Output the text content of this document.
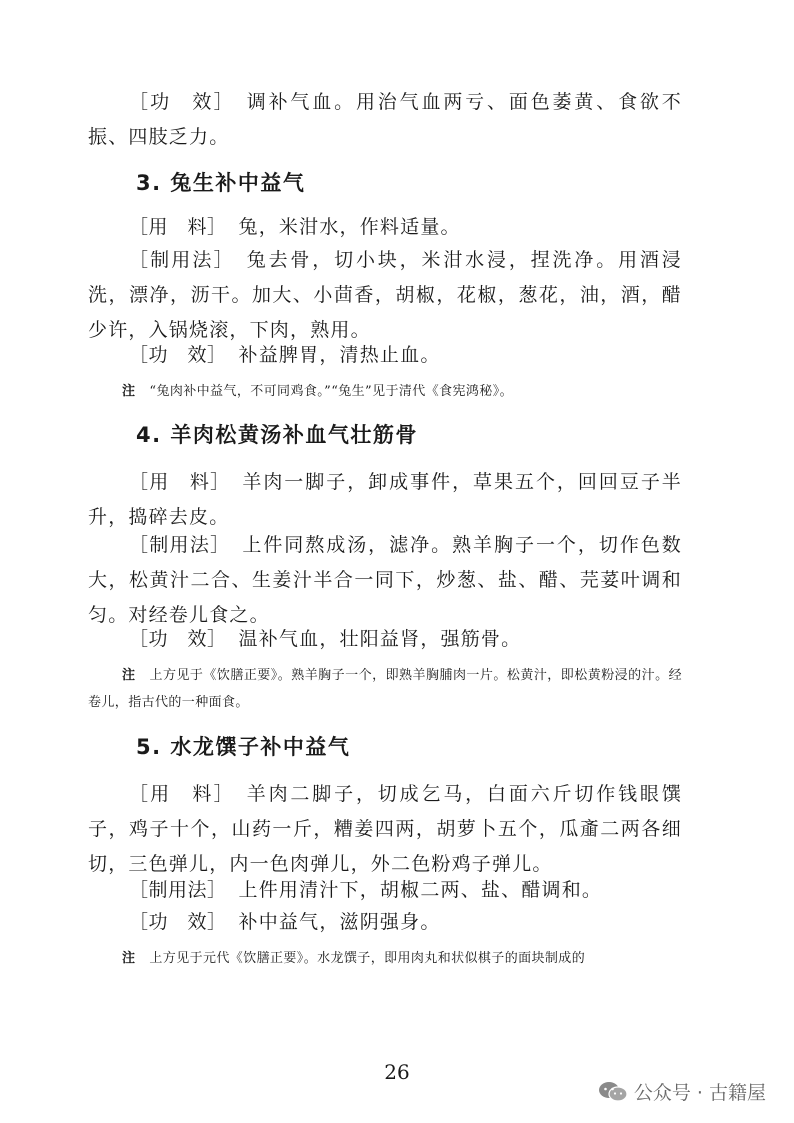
［功　效］ 调补气血。用治气血两亏、面色萎黄、食欲不振、四肢乏力。
3. 兔生补中益气
［用　料］ 兔，米泔水，作料适量。
［制用法］ 兔去骨，切小块，米泔水浸，捏洗净。用酒浸洗，漂净，沥干。加大、小茴香，胡椒，花椒，葱花，油，酒，醋少许，入锅烧滚，下肉，熟用。
［功　效］ 补益脾胃，清热止血。
注 “兔肉补中益气，不可同鸡食。”“兔生”见于清代《食宪鸿秘》。
4. 羊肉松黄汤补血气壮筋骨
［用　料］ 羊肉一脚子，卸成事件，草果五个，回回豆子半升，捣碎去皮。
［制用法］ 上件同熬成汤，滤净。熟羊胸子一个，切作色数大，松黄汁二合、生姜汁半合一同下，炒葱、盐、醋、芫荽叶调和匀。对经卷儿食之。
［功　效］ 温补气血，壮阳益肾，强筋骨。
注 上方见于《饮膳正要》。熟羊胸子一个，即熟羊胸脯肉一片。松黄汁，即松黄粉浸的汁。经卷儿，指古代的一种面食。
5. 水龙馔子补中益气
［用　料］ 羊肉二脚子，切成乞马，白面六斤切作钱眼馔子，鸡子十个，山药一斤，糟姜四两，胡萝卜五个，瓜齑二两各细切，三色弹儿，内一色肉弹儿，外二色粉鸡子弹儿。
［制用法］ 上件用清汁下，胡椒二两、盐、醋调和。
［功　效］ 补中益气，滋阴强身。
注 上方见于元代《饮膳正要》。水龙馔子，即用肉丸和状似棋子的面块制成的
26
公众号 · 古籍屋
